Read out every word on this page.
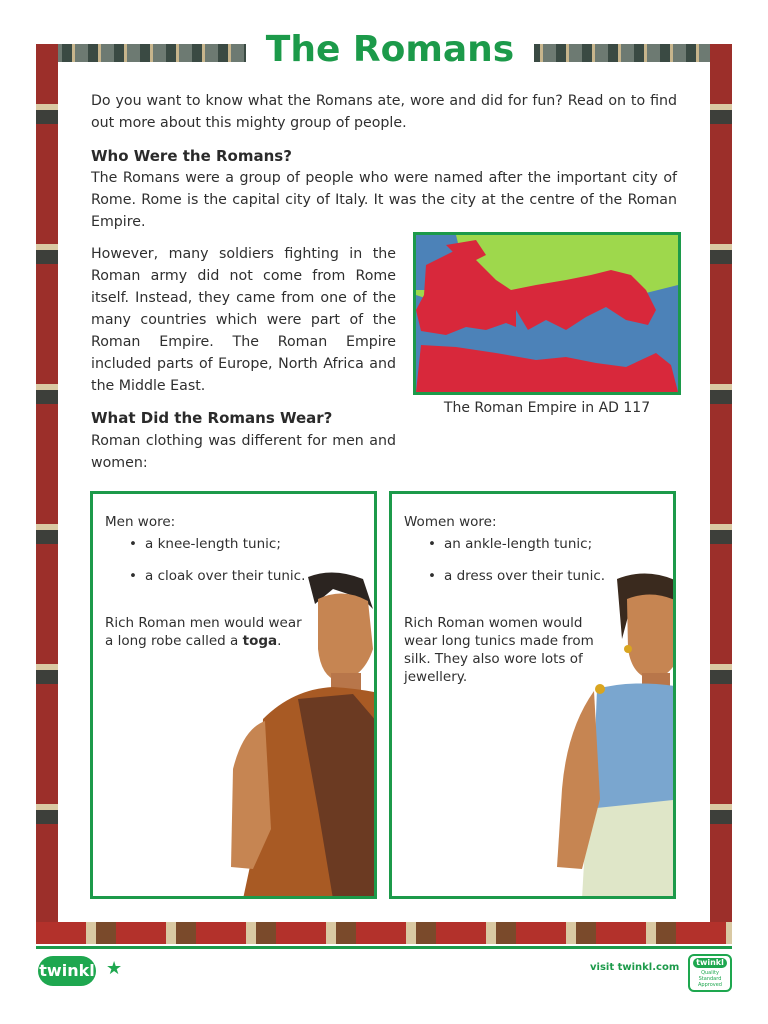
The Romans

Do you want to know what the Romans ate, wore and did for fun? Read on to find out more about this mighty group of people.

Who Were the Romans?

The Romans were a group of people who were named after the important city of Rome. Rome is the capital city of Italy. It was the city at the centre of the Roman Empire.

However, many soldiers fighting in the Roman army did not come from Rome itself. Instead, they came from one of the many countries which were part of the Roman Empire. The Roman Empire included parts of Europe, North Africa and the Middle East.

The Roman Empire in AD 117

What Did the Romans Wear?

Roman clothing was different for men and women:

Men wore:

• a knee-length tunic;
• a cloak over their tunic.

Rich Roman men would wear a long robe called a toga.

Women wore:

• an ankle-length tunic;
• a dress over their tunic.

Rich Roman women would wear long tunics made from silk. They also wore lots of jewellery.

twinkl ★	visit twinkl.com	twinkl
Quality Standard Approved
